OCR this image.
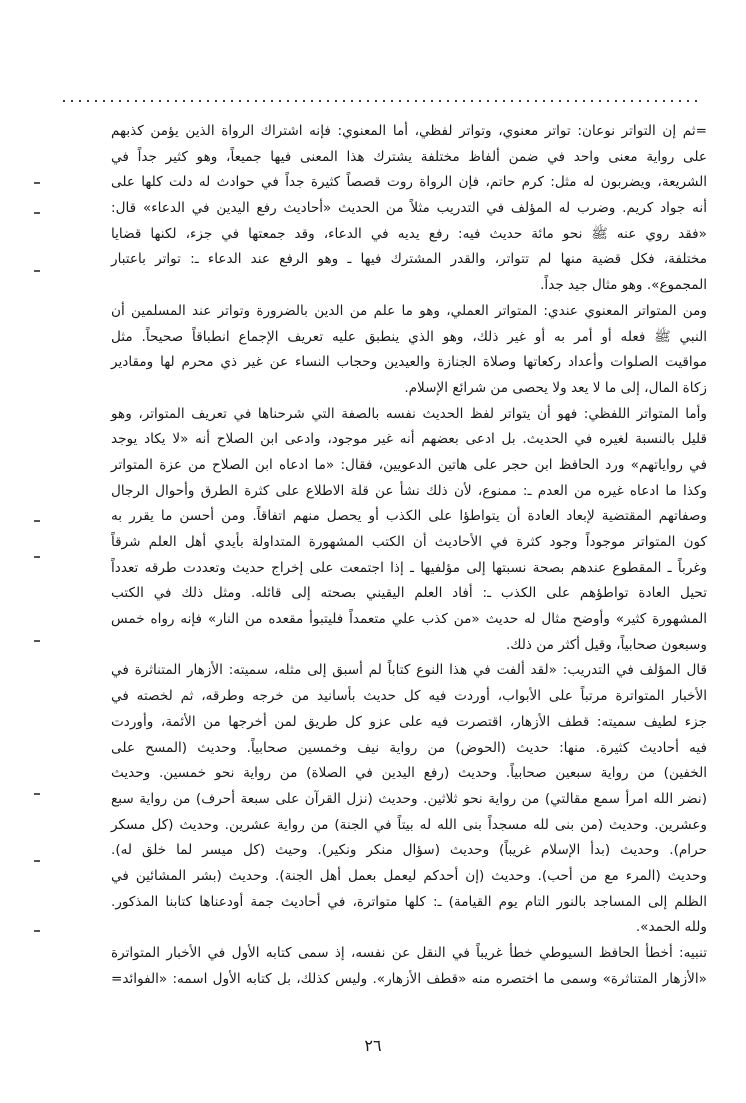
=ثم إن التواتر نوعان: تواتر معنوي، وتواتر لفظي، أما المعنوي: فإنه اشتراك الرواة الذين يؤمن كذبهم
على رواية معنى واحد في ضمن ألفاظ مختلفة يشترك هذا المعنى فيها جميعاً، وهو كثير جداً في
الشريعة، ويضربون له مثل: كرم حاتم، فإن الرواة روت قصصاً كثيرة جداً في حوادث له دلت كلها على
أنه جواد كريم. وضرب له المؤلف في التدريب مثلاً من الحديث «أحاديث رفع اليدين في الدعاء» قال:
«فقد روي عنه ﷺ نحو مائة حديث فيه: رفع يديه في الدعاء، وقد جمعتها في جزء، لكنها قضايا
مختلفة، فكل قضية منها لم تتواتر، والقدر المشترك فيها ـ وهو الرفع عند الدعاء ـ: تواتر باعتبار
المجموع». وهو مثال جيد جداً.
ومن المتواتر المعنوي عندي: المتواتر العملي، وهو ما علم من الدين بالضرورة وتواتر عند المسلمين أن
النبي ﷺ فعله أو أمر به أو غير ذلك، وهو الذي ينطبق عليه تعريف الإجماع انطباقاً صحيحاً. مثل
مواقيت الصلوات وأعداد ركعاتها وصلاة الجنازة والعيدين وحجاب النساء عن غير ذي محرم لها ومقادير
زكاة المال، إلى ما لا يعد ولا يحصى من شرائع الإسلام.
وأما المتواتر اللفظي: فهو أن يتواتر لفظ الحديث نفسه بالصفة التي شرحناها في تعريف المتواتر، وهو
قليل بالنسبة لغيره في الحديث. بل ادعى بعضهم أنه غير موجود، وادعى ابن الصلاح أنه «لا يكاد يوجد
في رواياتهم» ورد الحافظ ابن حجر على هاتين الدعويين، فقال: «ما ادعاه ابن الصلاح من عزة المتواتر
وكذا ما ادعاه غيره من العدم ـ: ممنوع، لأن ذلك نشأ عن قلة الاطلاع على كثرة الطرق وأحوال الرجال
وصفاتهم المقتضية لإبعاد العادة أن يتواطؤا على الكذب أو يحصل منهم اتفاقاً. ومن أحسن ما يقرر به
كون المتواتر موجوداً وجود كثرة في الأحاديث أن الكتب المشهورة المتداولة بأيدي أهل العلم شرقاً
وغرباً ـ المقطوع عندهم بصحة نسبتها إلى مؤلفيها ـ إذا اجتمعت على إخراج حديث وتعددت طرقه تعدداً
تحيل العادة تواطؤهم على الكذب ـ: أفاد العلم اليقيني بصحته إلى قائله. ومثل ذلك في الكتب
المشهورة كثير» وأوضح مثال له حديث «من كذب علي متعمداً فليتبوأ مقعده من النار» فإنه رواه خمس
وسبعون صحابياً، وقيل أكثر من ذلك.
قال المؤلف في التدريب: «لقد ألفت في هذا النوع كتاباً لم أسبق إلى مثله، سميته: الأزهار المتناثرة في
الأخبار المتواترة مرتباً على الأبواب، أوردت فيه كل حديث بأسانيد من خرجه وطرقه، ثم لخصته في
جزء لطيف سميته: قطف الأزهار، اقتصرت فيه على عزو كل طريق لمن أخرجها من الأئمة، وأوردت
فيه أحاديث كثيرة. منها: حديث (الحوض) من رواية نيف وخمسين صحابياً. وحديث (المسح على
الخفين) من رواية سبعين صحابياً. وحديث (رفع اليدين في الصلاة) من رواية نحو خمسين. وحديث
(نضر الله امرأ سمع مقالتي) من رواية نحو ثلاثين. وحديث (نزل القرآن على سبعة أحرف) من رواية سبع
وعشرين. وحديث (من بنى لله مسجداً بنى الله له بيتاً في الجنة) من رواية عشرين. وحديث (كل مسكر
حرام). وحديث (بدأ الإسلام غريباً) وحديث (سؤال منكر ونكير). وحيث (كل ميسر لما خلق له).
وحديث (المرء مع من أحب). وحديث (إن أحدكم ليعمل بعمل أهل الجنة). وحديث (بشر المشائين في
الظلم إلى المساجد بالنور التام يوم القيامة) ـ: كلها متواترة، في أحاديث جمة أودعناها كتابنا المذكور.
ولله الحمد».
تنبيه: أخطأ الحافظ السيوطي خطأ غريباً في النقل عن نفسه، إذ سمى كتابه الأول في الأخبار المتواترة
«الأزهار المتناثرة» وسمى ما اختصره منه «قطف الأزهار». وليس كذلك، بل كتابه الأول اسمه: «الفوائد=
٢٦
